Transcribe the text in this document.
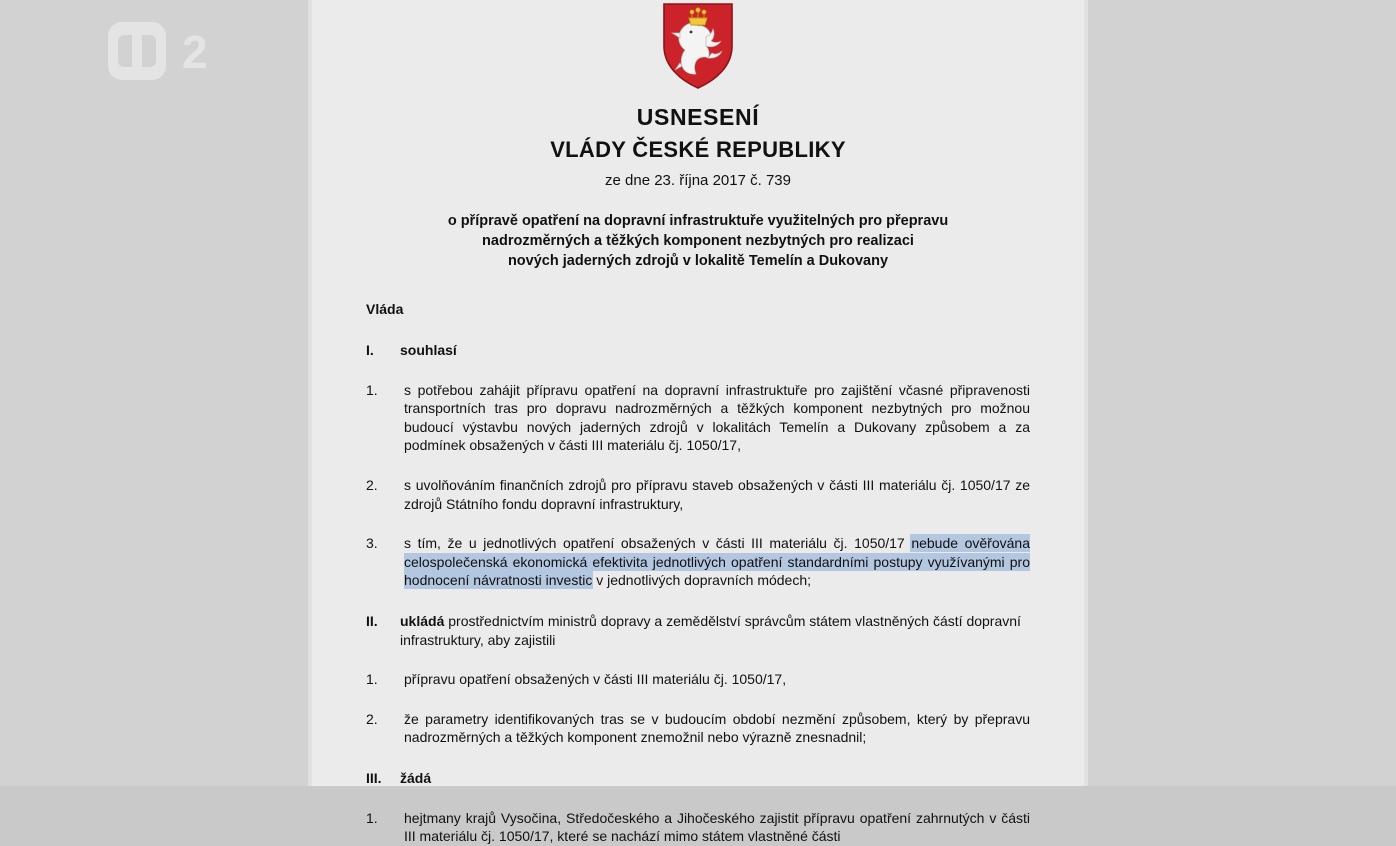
2
USNESENÍ
VLÁDY ČESKÉ REPUBLIKY
ze dne 23. října 2017 č. 739
o přípravě opatření na dopravní infrastruktuře využitelných pro přepravu
nadrozměrných a těžkých komponent nezbytných pro realizaci
nových jaderných zdrojů v lokalitě Temelín a Dukovany
Vláda
I.	souhlasí
1.	s potřebou zahájit přípravu opatření na dopravní infrastruktuře pro zajištění včasné připravenosti transportních tras pro dopravu nadrozměrných a těžkých komponent nezbytných pro možnou budoucí výstavbu nových jaderných zdrojů v lokalitách Temelín a Dukovany způsobem a za podmínek obsažených v části III materiálu čj. 1050/17,
2.	s uvolňováním finančních zdrojů pro přípravu staveb obsažených v části III materiálu čj. 1050/17 ze zdrojů Státního fondu dopravní infrastruktury,
3.	s tím, že u jednotlivých opatření obsažených v části III materiálu čj. 1050/17 nebude ověřována celospolečenská ekonomická efektivita jednotlivých opatření standardními postupy využívanými pro hodnocení návratnosti investic v jednotlivých dopravních módech;
II.	ukládá prostřednictvím ministrů dopravy a zemědělství správcům státem vlastněných částí dopravní infrastruktury, aby zajistili
1.	přípravu opatření obsažených v části III materiálu čj. 1050/17,
2.	že parametry identifikovaných tras se v budoucím období nezmění způsobem, který by přepravu nadrozměrných a těžkých komponent znemožnil nebo výrazně znesnadnil;
III.	žádá
1.	hejtmany krajů Vysočina, Středočeského a Jihočeského zajistit přípravu opatření zahrnutých v části III materiálu čj. 1050/17, které se nachází mimo státem vlastněné části
